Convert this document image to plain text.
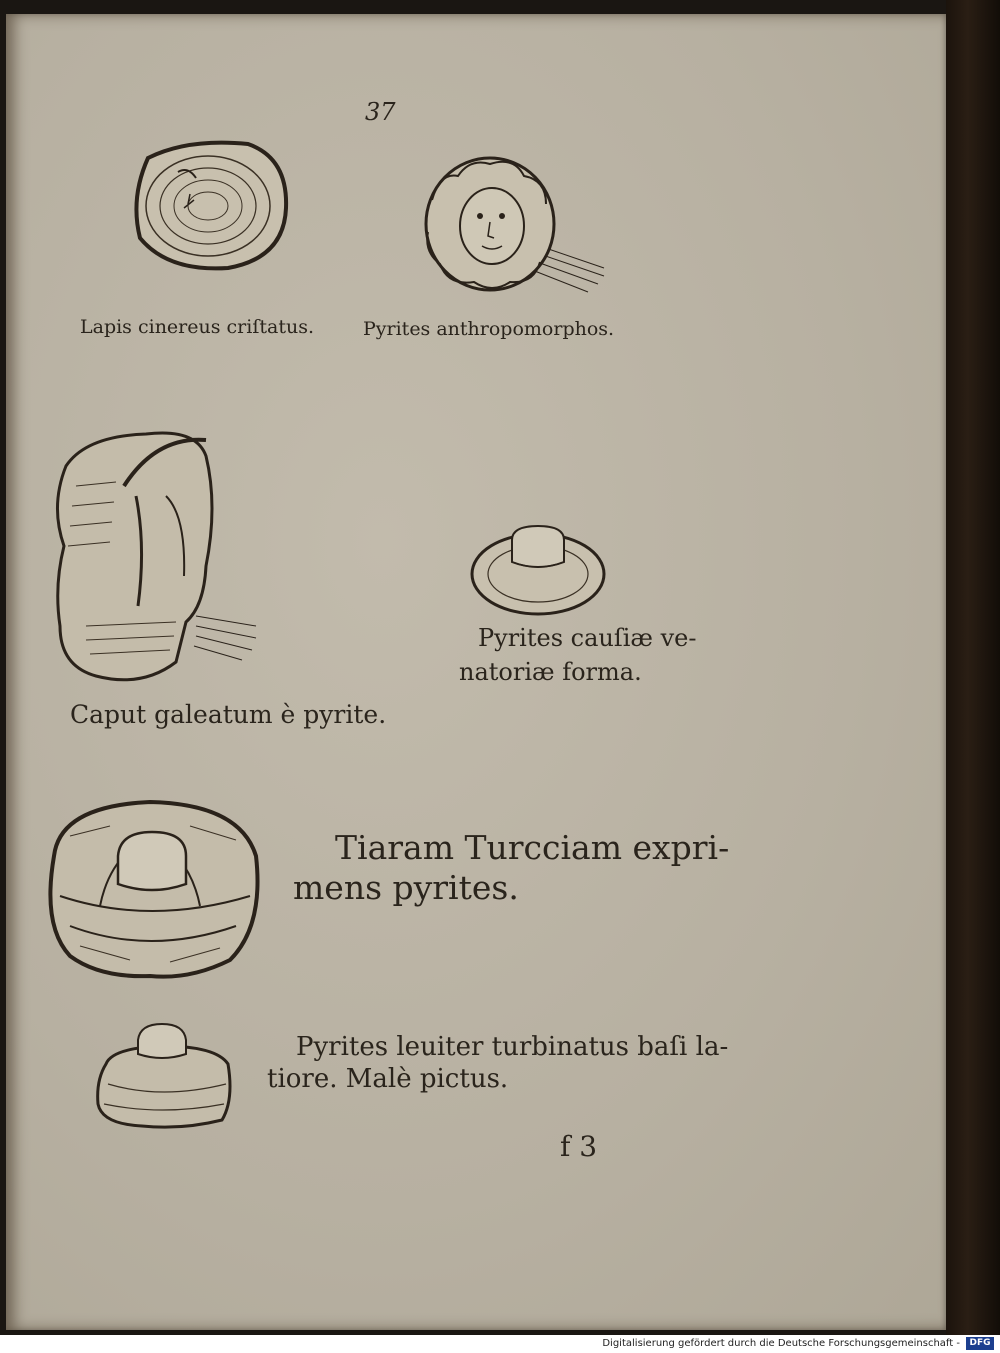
37
Lapis cinereus criſtatus.	Pyrites anthropomorphos.
Caput galeatum è pyrite.
Pyrites cauſiæ ve-
natoriæ forma.
Tiaram Turcciam expri-
mens pyrites.
Pyrites leuiter turbinatus baſi la-
tiore. Malè pictus.
f 3
Digitalisierung gefördert durch die Deutsche Forschungsgemeinschaft -	DFG
